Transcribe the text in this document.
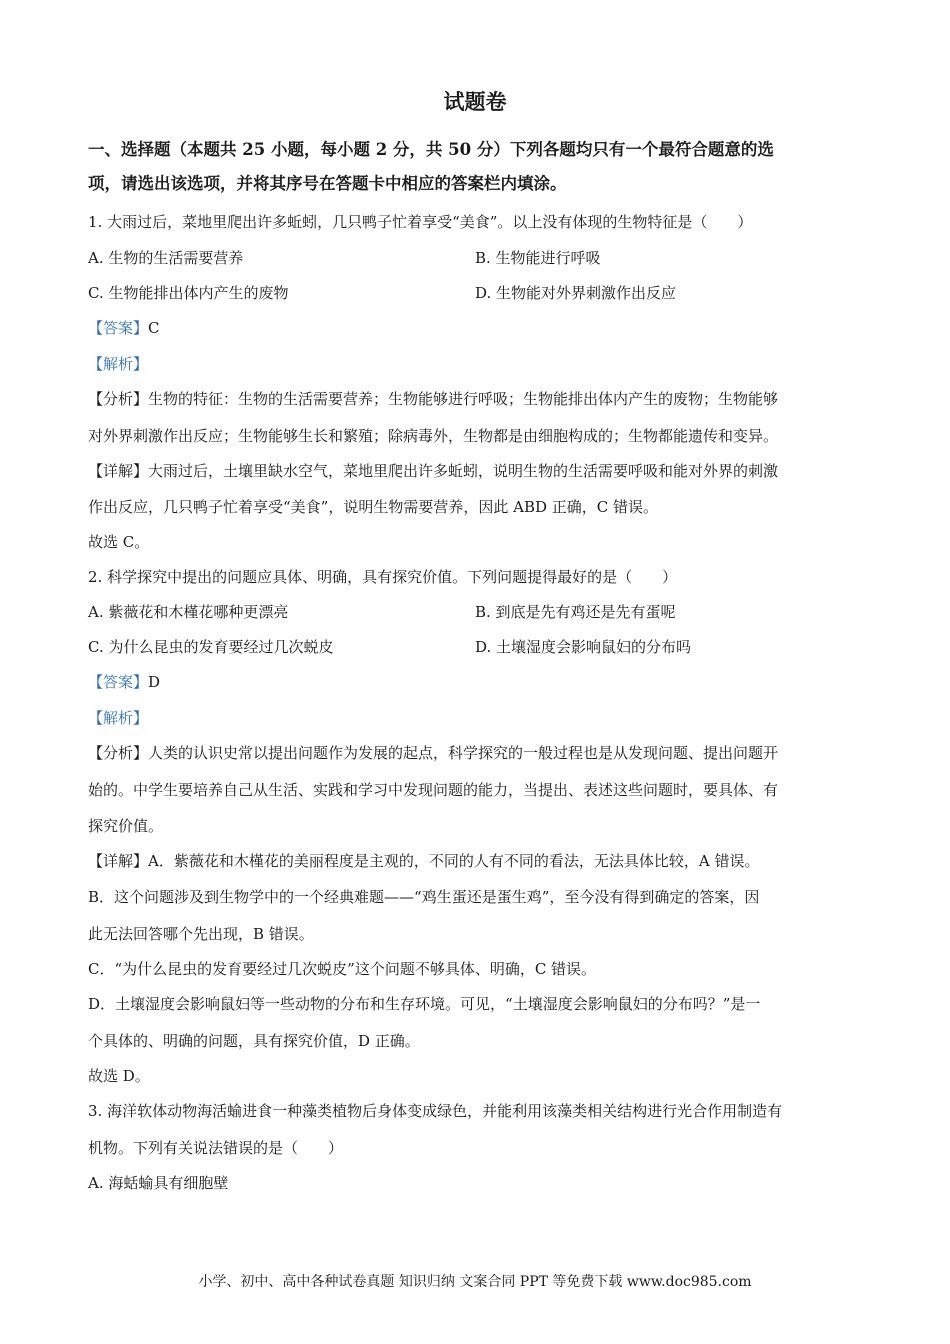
试题卷
一、选择题（本题共 25 小题，每小题 2 分，共 50 分）下列各题均只有一个最符合题意的选
项，请选出该选项，并将其序号在答题卡中相应的答案栏内填涂。
1. 大雨过后，菜地里爬出许多蚯蚓，几只鸭子忙着享受“美食”。以上没有体现的生物特征是（　　）
A. 生物的生活需要营养	B. 生物能进行呼吸
C. 生物能排出体内产生的废物	D. 生物能对外界刺激作出反应
【答案】C
【解析】
【分析】生物的特征：生物的生活需要营养；生物能够进行呼吸；生物能排出体内产生的废物；生物能够
对外界刺激作出反应；生物能够生长和繁殖；除病毒外，生物都是由细胞构成的；生物都能遗传和变异。
【详解】大雨过后，土壤里缺水空气，菜地里爬出许多蚯蚓，说明生物的生活需要呼吸和能对外界的刺激
作出反应，几只鸭子忙着享受“美食”，说明生物需要营养，因此 ABD 正确，C 错误。
故选 C。
2. 科学探究中提出的问题应具体、明确，具有探究价值。下列问题提得最好的是（　　）
A. 紫薇花和木槿花哪种更漂亮	B. 到底是先有鸡还是先有蛋呢
C. 为什么昆虫的发育要经过几次蜕皮	D. 土壤湿度会影响鼠妇的分布吗
【答案】D
【解析】
【分析】人类的认识史常以提出问题作为发展的起点，科学探究的一般过程也是从发现问题、提出问题开
始的。中学生要培养自己从生活、实践和学习中发现问题的能力，当提出、表述这些问题时，要具体、有
探究价值。
【详解】A．紫薇花和木槿花的美丽程度是主观的，不同的人有不同的看法，无法具体比较，A 错误。
B．这个问题涉及到生物学中的一个经典难题——“鸡生蛋还是蛋生鸡”，至今没有得到确定的答案，因
此无法回答哪个先出现，B 错误。
C．“为什么昆虫的发育要经过几次蜕皮”这个问题不够具体、明确，C 错误。
D．土壤湿度会影响鼠妇等一些动物的分布和生存环境。可见，“土壤湿度会影响鼠妇的分布吗？”是一
个具体的、明确的问题，具有探究价值，D 正确。
故选 D。
3. 海洋软体动物海活蝓进食一种藻类植物后身体变成绿色，并能利用该藻类相关结构进行光合作用制造有
机物。下列有关说法错误的是（　　）
A. 海蛞蝓具有细胞壁
小学、初中、高中各种试卷真题 知识归纳 文案合同 PPT 等免费下载 www.doc985.com
